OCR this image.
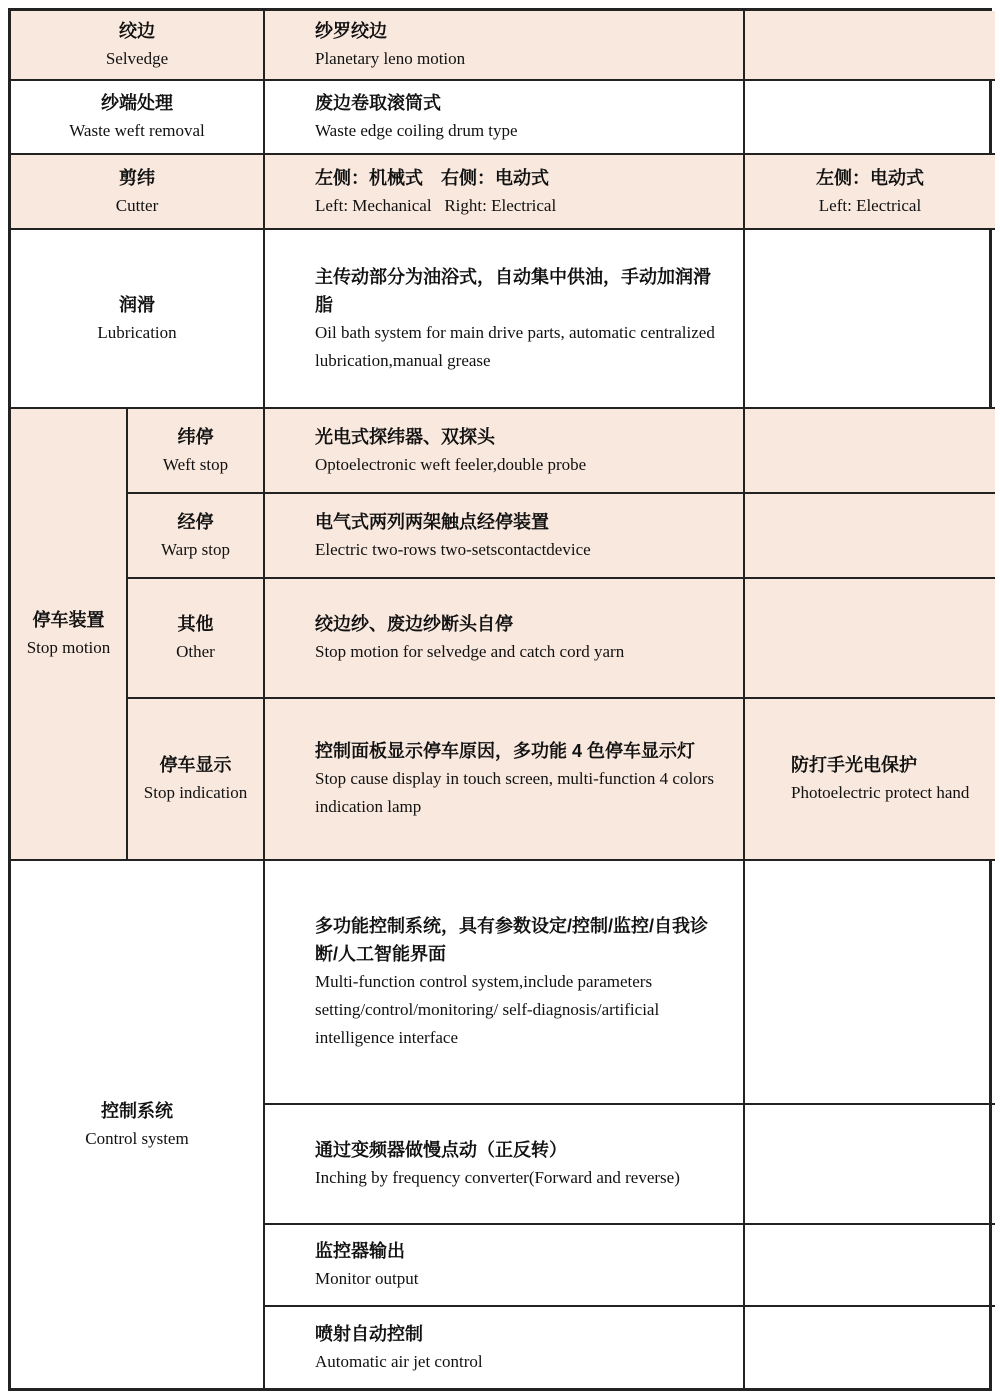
绞边
Selvedge
纱罗绞边
Planetary leno motion
纱端处理
Waste weft removal
废边卷取滚筒式
Waste edge coiling drum type
剪纬
Cutter
左侧：机械式　右侧：电动式
Left: Mechanical   Right: Electrical
左侧：电动式
Left: Electrical
润滑
Lubrication
主传动部分为油浴式，自动集中供油，手动加润滑脂
Oil bath system for main drive parts, automatic centralized lubrication,manual grease
停车装置
Stop motion
纬停
Weft stop
光电式探纬器、双探头
Optoelectronic weft feeler,double probe
经停
Warp stop
电气式两列两架触点经停装置
Electric two-rows two-setscontactdevice
其他
Other
绞边纱、废边纱断头自停
Stop motion for selvedge and catch cord yarn
停车显示
Stop indication
控制面板显示停车原因，多功能 4 色停车显示灯
Stop cause display in touch screen, multi-function 4 colors indication lamp
防打手光电保护
Photoelectric protect hand
控制系统
Control system
多功能控制系统，具有参数设定/控制/监控/自我诊断/人工智能界面
Multi-function control system,include parameters setting/control/monitoring/ self-diagnosis/artificial intelligence interface
通过变频器做慢点动（正反转）
Inching by frequency converter(Forward and reverse)
监控器输出
Monitor output
喷射自动控制
Automatic air jet control
